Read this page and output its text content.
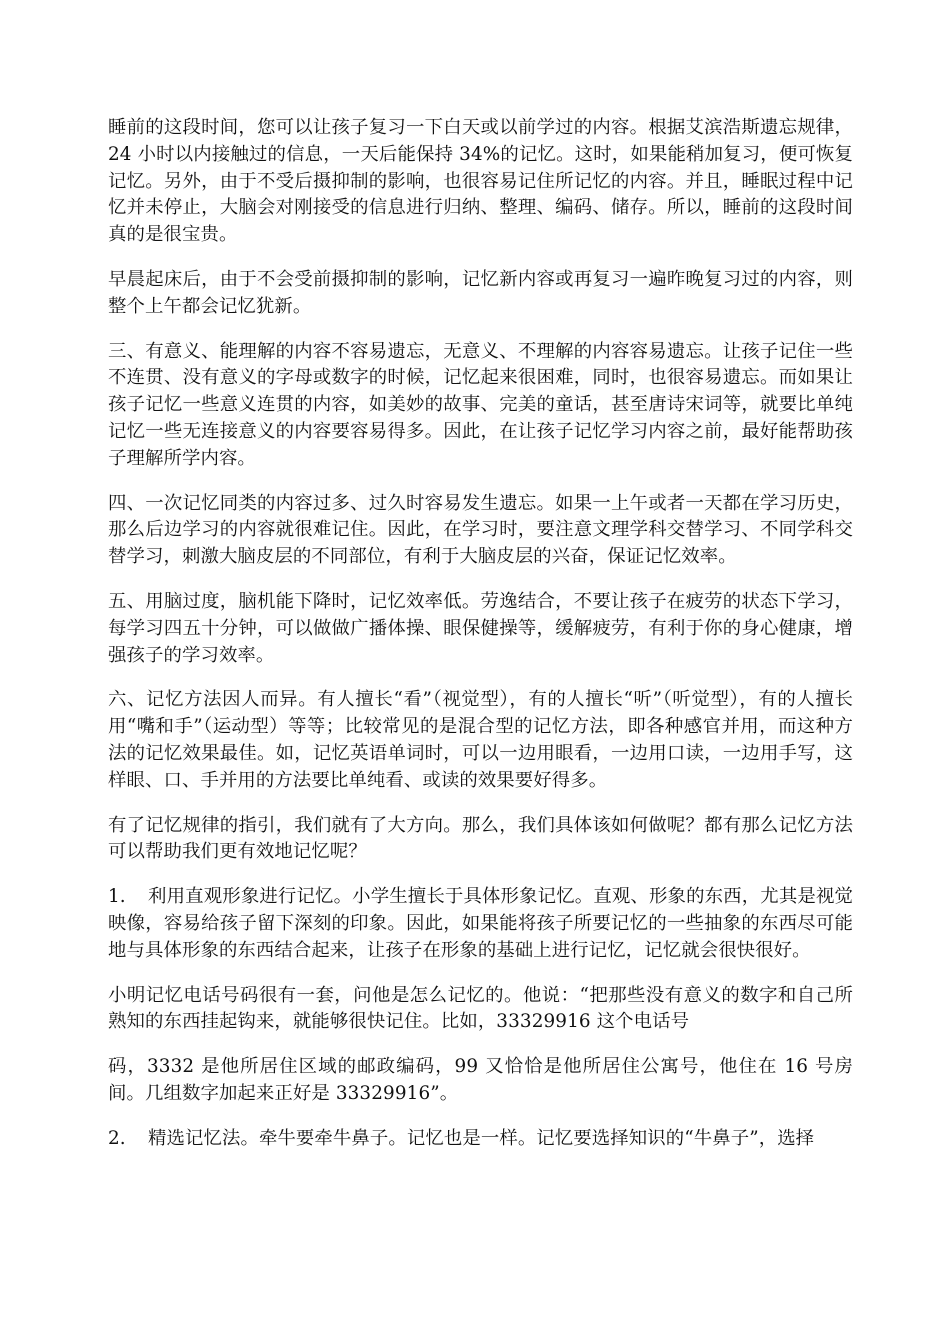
睡前的这段时间，您可以让孩子复习一下白天或以前学过的内容。根据艾滨浩斯遗忘规律，24 小时以内接触过的信息，一天后能保持 34%的记忆。这时，如果能稍加复习，便可恢复记忆。另外，由于不受后摄抑制的影响，也很容易记住所记忆的内容。并且，睡眠过程中记忆并未停止，大脑会对刚接受的信息进行归纳、整理、编码、储存。所以，睡前的这段时间真的是很宝贵。

早晨起床后，由于不会受前摄抑制的影响，记忆新内容或再复习一遍昨晚复习过的内容，则整个上午都会记忆犹新。

三、有意义、能理解的内容不容易遗忘，无意义、不理解的内容容易遗忘。让孩子记住一些不连贯、没有意义的字母或数字的时候，记忆起来很困难，同时，也很容易遗忘。而如果让孩子记忆一些意义连贯的内容，如美妙的故事、完美的童话，甚至唐诗宋词等，就要比单纯记忆一些无连接意义的内容要容易得多。因此，在让孩子记忆学习内容之前，最好能帮助孩子理解所学内容。

四、一次记忆同类的内容过多、过久时容易发生遗忘。如果一上午或者一天都在学习历史，那么后边学习的内容就很难记住。因此，在学习时，要注意文理学科交替学习、不同学科交替学习，刺激大脑皮层的不同部位，有利于大脑皮层的兴奋，保证记忆效率。

五、用脑过度，脑机能下降时，记忆效率低。劳逸结合，不要让孩子在疲劳的状态下学习，每学习四五十分钟，可以做做广播体操、眼保健操等，缓解疲劳，有利于你的身心健康，增强孩子的学习效率。

六、记忆方法因人而异。有人擅长“看”（视觉型），有的人擅长“听”（听觉型），有的人擅长用“嘴和手”（运动型）等等；比较常见的是混合型的记忆方法，即各种感官并用，而这种方法的记忆效果最佳。如，记忆英语单词时，可以一边用眼看，一边用口读，一边用手写，这样眼、口、手并用的方法要比单纯看、或读的效果要好得多。

有了记忆规律的指引，我们就有了大方向。那么，我们具体该如何做呢？都有那么记忆方法可以帮助我们更有效地记忆呢？

1. 利用直观形象进行记忆。小学生擅长于具体形象记忆。直观、形象的东西，尤其是视觉映像，容易给孩子留下深刻的印象。因此，如果能将孩子所要记忆的一些抽象的东西尽可能地与具体形象的东西结合起来，让孩子在形象的基础上进行记忆，记忆就会很快很好。

小明记忆电话号码很有一套，问他是怎么记忆的。他说：“把那些没有意义的数字和自己所熟知的东西挂起钩来，就能够很快记住。比如，33329916 这个电话号

码，3332 是他所居住区域的邮政编码，99 又恰恰是他所居住公寓号，他住在 16 号房间。几组数字加起来正好是 33329916”。

2. 精选记忆法。牵牛要牵牛鼻子。记忆也是一样。记忆要选择知识的“牛鼻子”，选择
